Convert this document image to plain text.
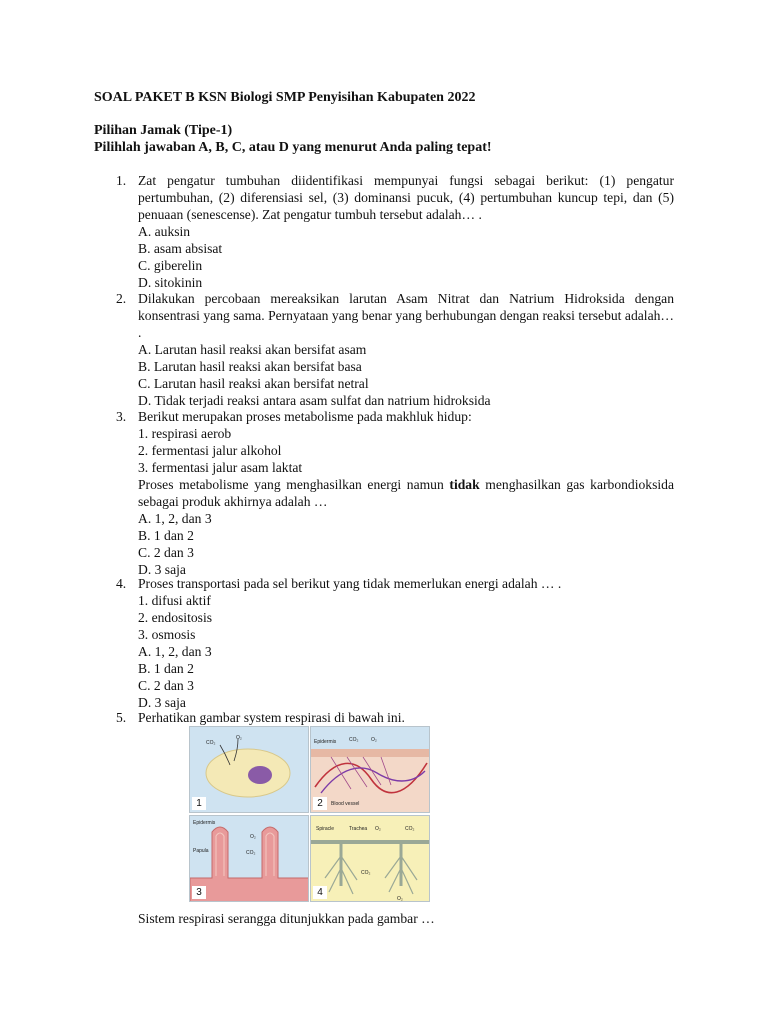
SOAL PAKET B KSN Biologi SMP Penyisihan Kabupaten 2022
Pilihan Jamak (Tipe-1)
Pilihlah jawaban A, B, C, atau D yang menurut Anda paling tepat!
1. Zat pengatur tumbuhan diidentifikasi mempunyai fungsi sebagai berikut: (1) pengatur pertumbuhan, (2) diferensiasi sel, (3) dominansi pucuk, (4) pertumbuhan kuncup tepi, dan (5) penuaan (senescense). Zat pengatur tumbuh tersebut adalah… .
A. auksin
B. asam absisat
C. giberelin
D. sitokinin
2. Dilakukan percobaan mereaksikan larutan Asam Nitrat dan Natrium Hidroksida dengan konsentrasi yang sama. Pernyataan yang benar yang berhubungan dengan reaksi tersebut adalah… .
A. Larutan hasil reaksi akan bersifat asam
B. Larutan hasil reaksi akan bersifat basa
C. Larutan hasil reaksi akan bersifat netral
D. Tidak terjadi reaksi antara asam sulfat dan natrium hidroksida
3. Berikut merupakan proses metabolisme pada makhluk hidup:
1. respirasi aerob
2. fermentasi jalur alkohol
3. fermentasi jalur asam laktat
Proses metabolisme yang menghasilkan energi namun tidak menghasilkan gas karbondioksida sebagai produk akhirnya adalah …
A. 1, 2, dan 3
B. 1 dan 2
C. 2 dan 3
D. 3 saja
4. Proses transportasi pada sel berikut yang tidak memerlukan energi adalah … .
1. difusi aktif
2. endositosis
3. osmosis
A. 1, 2, dan 3
B. 1 dan 2
C. 2 dan 3
D. 3 saja
5. Perhatikan gambar system respirasi di bawah ini.
CO₂
O₂
1
Epidermis	CO₂	O₂
Blood vessel
2
Epidermis
Papula
O₂
CO₂
3
Spiracle	Trachea O₂	CO₂
CO₂
O₂
4
Sistem respirasi serangga ditunjukkan pada gambar …
